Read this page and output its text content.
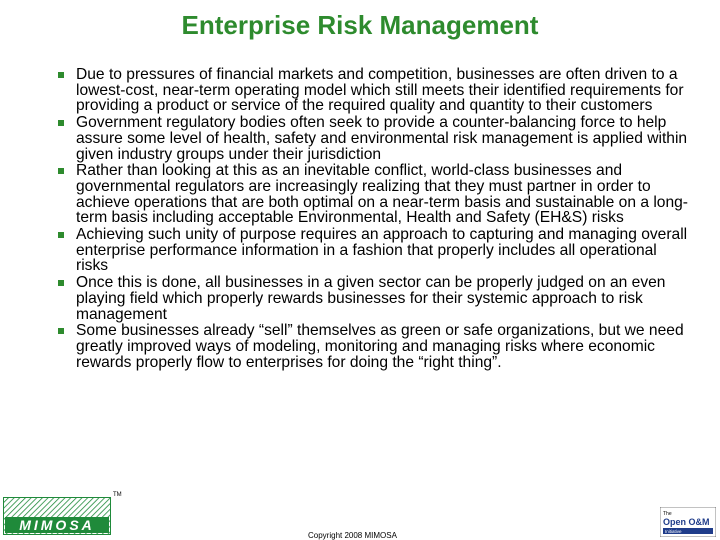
Enterprise Risk Management
Due to pressures of financial markets and competition, businesses are often driven to a lowest-cost, near-term operating model which still meets their identified requirements for providing a product or service of the required quality and quantity to their customers
Government regulatory bodies often seek to provide a counter-balancing force to help assure some level of health, safety and environmental risk management is applied within given industry groups under their jurisdiction
Rather than looking at this as an inevitable conflict, world-class businesses and governmental regulators are increasingly realizing that they must partner in order to achieve operations that are both optimal on a near-term basis and sustainable on a long-term basis including acceptable Environmental, Health and Safety (EH&S) risks
Achieving such unity of purpose requires an approach to capturing and managing overall enterprise performance information in a fashion that properly includes all operational risks
Once this is done, all businesses in a given sector can be properly judged on an even playing field which properly rewards businesses for their systemic approach to risk management
Some businesses already “sell” themselves as green or safe organizations, but we need greatly improved ways of modeling, monitoring and managing risks where economic rewards properly flow to enterprises for doing the “right thing”.
MIMOSA
TM
Copyright 2008 MIMOSA
The
Open O&M
Initiative
